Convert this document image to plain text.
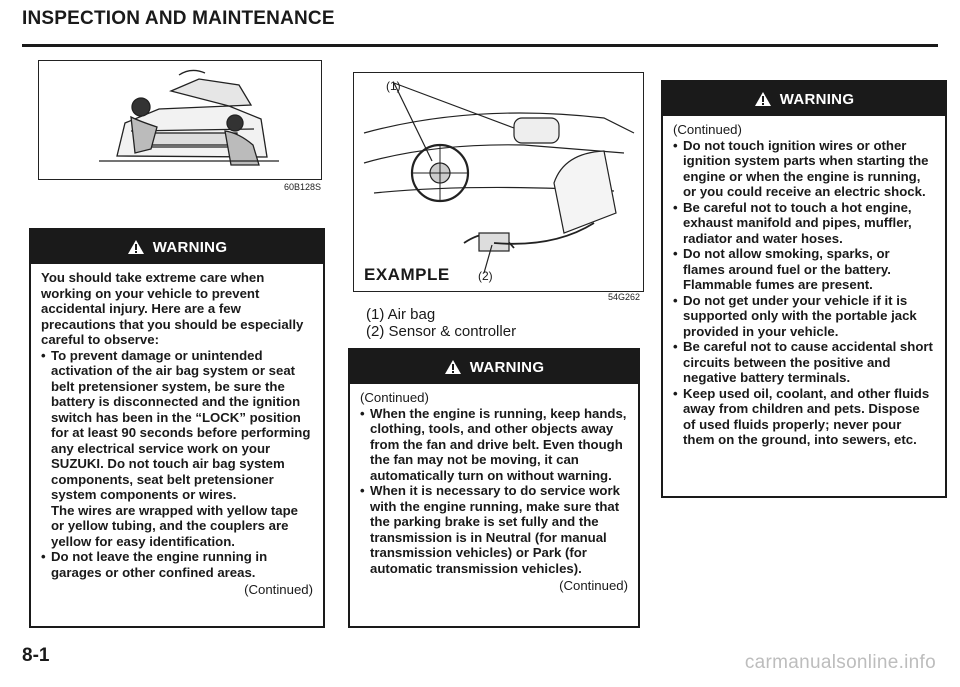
INSPECTION AND MAINTENANCE
60B128S
WARNING
You should take extreme care when working on your vehicle to prevent accidental injury. Here are a few precautions that you should be especially careful to observe:
• To prevent damage or unintended activation of the air bag system or seat belt pretensioner system, be sure the battery is disconnected and the ignition switch has been in the “LOCK” position for at least 90 seconds before performing any electrical service work on your SUZUKI. Do not touch air bag system components, seat belt pretensioner system components or wires.
The wires are wrapped with yellow tape or yellow tubing, and the couplers are yellow for easy identification.
• Do not leave the engine running in garages or other confined areas.
(Continued)
(1)
(2)
EXAMPLE
54G262
(1) Air bag
(2) Sensor & controller
WARNING
(Continued)
• When the engine is running, keep hands, clothing, tools, and other objects away from the fan and drive belt. Even though the fan may not be moving, it can automatically turn on without warning.
• When it is necessary to do service work with the engine running, make sure that the parking brake is set fully and the transmission is in Neutral (for manual transmission vehicles) or Park (for automatic transmission vehicles).
(Continued)
WARNING
(Continued)
• Do not touch ignition wires or other ignition system parts when starting the engine or when the engine is running, or you could receive an electric shock.
• Be careful not to touch a hot engine, exhaust manifold and pipes, muffler, radiator and water hoses.
• Do not allow smoking, sparks, or flames around fuel or the battery. Flammable fumes are present.
• Do not get under your vehicle if it is supported only with the portable jack provided in your vehicle.
• Be careful not to cause accidental short circuits between the positive and negative battery terminals.
• Keep used oil, coolant, and other fluids away from children and pets. Dispose of used fluids properly; never pour them on the ground, into sewers, etc.
8-1	carmanualsonline.info
